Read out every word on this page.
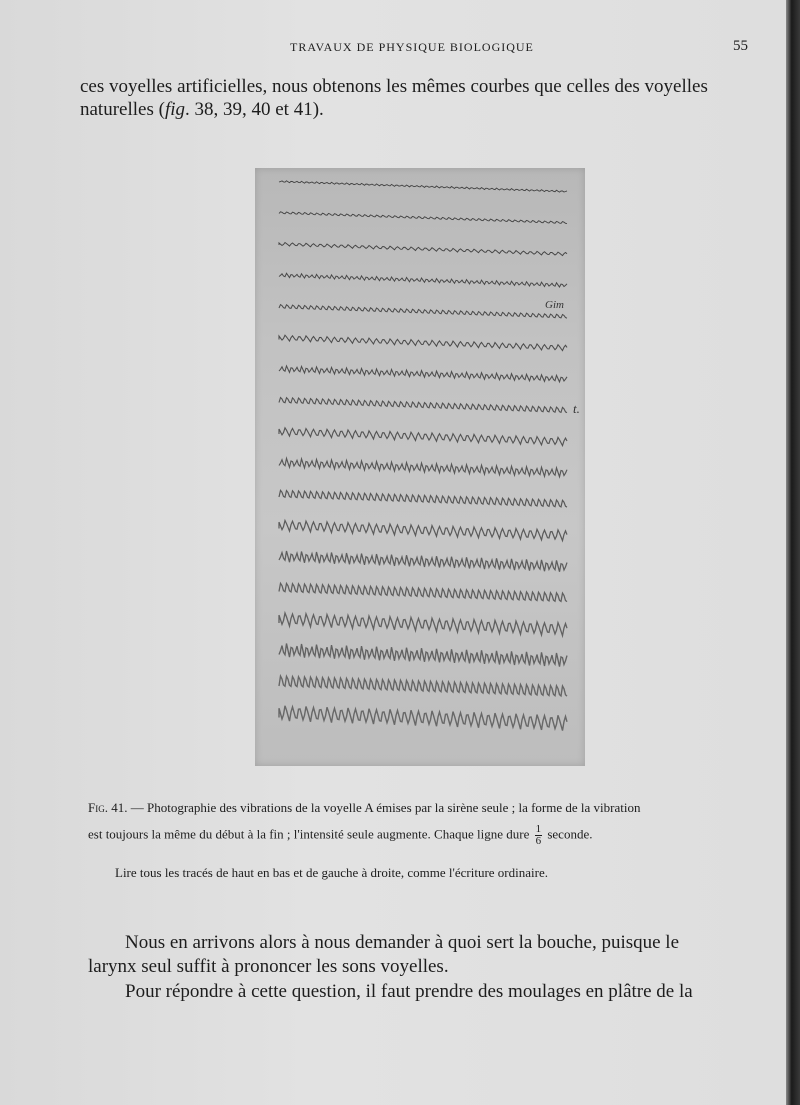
TRAVAUX DE PHYSIQUE BIOLOGIQUE	55
ces voyelles artificielles, nous obtenons les mêmes courbes que celles des voyelles
naturelles (fig. 38, 39, 40 et 41).
Gim
t.
Fig. 41. — Photographie des vibrations de la voyelle A émises par la sirène seule ; la forme de la vibration
est toujours la même du début à la fin ; l'intensité seule augmente. Chaque ligne dure $\frac{1}{6}$ seconde.
Lire tous les tracés de haut en bas et de gauche à droite, comme l'écriture ordinaire.
Nous en arrivons alors à nous demander à quoi sert la bouche, puisque le
larynx seul suffit à prononcer les sons voyelles.
Pour répondre à cette question, il faut prendre des moulages en plâtre de la
